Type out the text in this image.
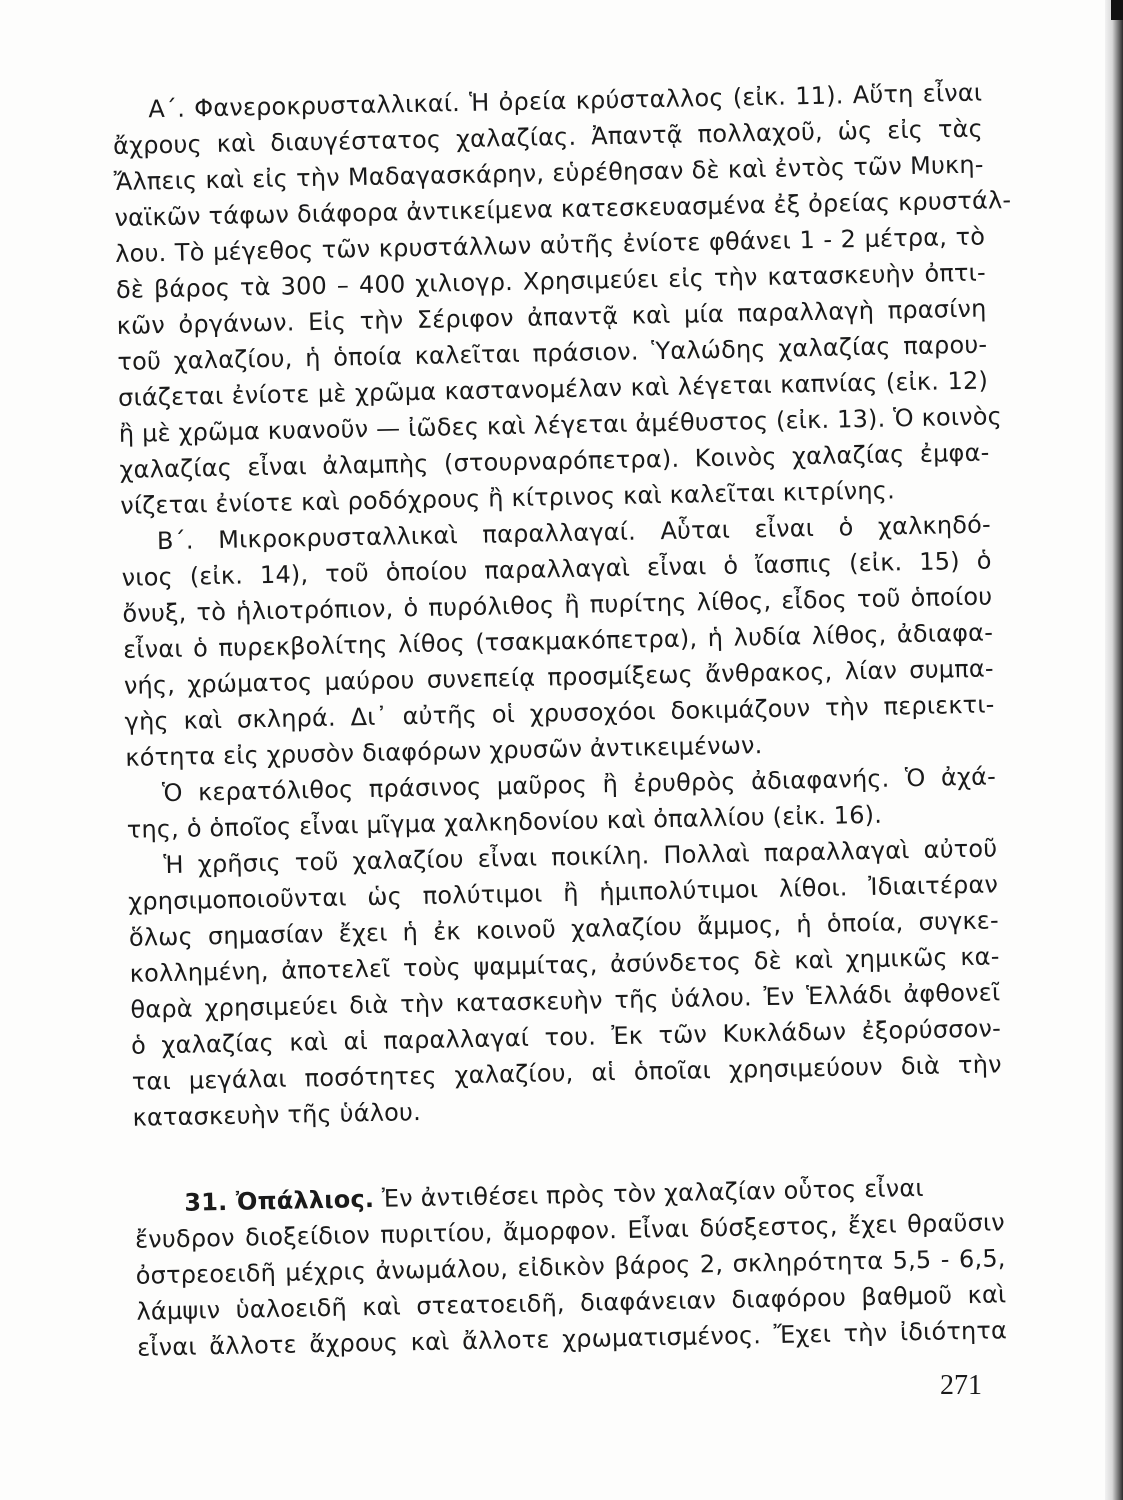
Α΄. Φανεροκρυσταλλικαί. Ἡ ὀρεία κρύσταλλος (εἰκ. 11). Αὕτη εἶναι
ἄχρους καὶ διαυγέστατος χαλαζίας. Ἀπαντᾷ πολλαχοῦ, ὡς εἰς τὰς
Ἄλπεις καὶ εἰς τὴν Μαδαγασκάρην, εὑρέθησαν δὲ καὶ ἐντὸς τῶν Μυκη-
ναϊκῶν τάφων διάφορα ἀντικείμενα κατεσκευασμένα ἐξ ὀρείας κρυστάλ-
λου. Τὸ μέγεθος τῶν κρυστάλλων αὐτῆς ἐνίοτε φθάνει 1 - 2 μέτρα, τὸ
δὲ βάρος τὰ 300 – 400 χιλιογρ. Χρησιμεύει εἰς τὴν κατασκευὴν ὀπτι-
κῶν ὀργάνων. Εἰς τὴν Σέριφον ἀπαντᾷ καὶ μία παραλλαγὴ πρασίνη
τοῦ χαλαζίου, ἡ ὁποία καλεῖται πράσιον. Ὑαλώδης χαλαζίας παρου-
σιάζεται ἐνίοτε μὲ χρῶμα καστανομέλαν καὶ λέγεται καπνίας (εἰκ. 12)
ἢ μὲ χρῶμα κυανοῦν — ἰῶδες καὶ λέγεται ἀμέθυστος (εἰκ. 13). Ὁ κοινὸς
χαλαζίας εἶναι ἀλαμπὴς (στουρναρόπετρα). Κοινὸς χαλαζίας ἐμφα-
νίζεται ἐνίοτε καὶ ροδόχρους ἢ κίτρινος καὶ καλεῖται κιτρίνης.
Β΄. Μικροκρυσταλλικαὶ παραλλαγαί. Αὗται εἶναι ὁ χαλκηδό-
νιος (εἰκ. 14), τοῦ ὁποίου παραλλαγαὶ εἶναι ὁ ἴασπις (εἰκ. 15) ὁ
ὄνυξ, τὸ ἡλιοτρόπιον, ὁ πυρόλιθος ἢ πυρίτης λίθος, εἶδος τοῦ ὁποίου
εἶναι ὁ πυρεκβολίτης λίθος (τσακμακόπετρα), ἡ λυδία λίθος, ἀδιαφα-
νής, χρώματος μαύρου συνεπείᾳ προσμίξεως ἄνθρακος, λίαν συμπα-
γὴς καὶ σκληρά. Δι᾽ αὐτῆς οἱ χρυσοχόοι δοκιμάζουν τὴν περιεκτι-
κότητα εἰς χρυσὸν διαφόρων χρυσῶν ἀντικειμένων.
Ὁ κερατόλιθος πράσινος μαῦρος ἢ ἐρυθρὸς ἀδιαφανής. Ὁ ἀχά-
της, ὁ ὁποῖος εἶναι μῖγμα χαλκηδονίου καὶ ὀπαλλίου (εἰκ. 16).
Ἡ χρῆσις τοῦ χαλαζίου εἶναι ποικίλη. Πολλαὶ παραλλαγαὶ αὐτοῦ
χρησιμοποιοῦνται ὡς πολύτιμοι ἢ ἡμιπολύτιμοι λίθοι. Ἰδιαιτέραν
ὅλως σημασίαν ἔχει ἡ ἐκ κοινοῦ χαλαζίου ἄμμος, ἡ ὁποία, συγκε-
κολλημένη, ἀποτελεῖ τοὺς ψαμμίτας, ἀσύνδετος δὲ καὶ χημικῶς κα-
θαρὰ χρησιμεύει διὰ τὴν κατασκευὴν τῆς ὑάλου. Ἐν Ἑλλάδι ἀφθονεῖ
ὁ χαλαζίας καὶ αἱ παραλλαγαί του. Ἐκ τῶν Κυκλάδων ἐξορύσσον-
ται μεγάλαι ποσότητες χαλαζίου, αἱ ὁποῖαι χρησιμεύουν διὰ τὴν
κατασκευὴν τῆς ὑάλου.
31. Ὀπάλλιος. Ἐν ἀντιθέσει πρὸς τὸν χαλαζίαν οὗτος εἶναι
ἔνυδρον διοξείδιον πυριτίου, ἄμορφον. Εἶναι δύσξεστος, ἔχει θραῦσιν
ὀστρεοειδῆ μέχρις ἀνωμάλου, εἰδικὸν βάρος 2, σκληρότητα 5,5 - 6,5,
λάμψιν ὑαλοειδῆ καὶ στεατοειδῆ, διαφάνειαν διαφόρου βαθμοῦ καὶ
εἶναι ἄλλοτε ἄχρους καὶ ἄλλοτε χρωματισμένος. Ἔχει τὴν ἰδιότητα
271
